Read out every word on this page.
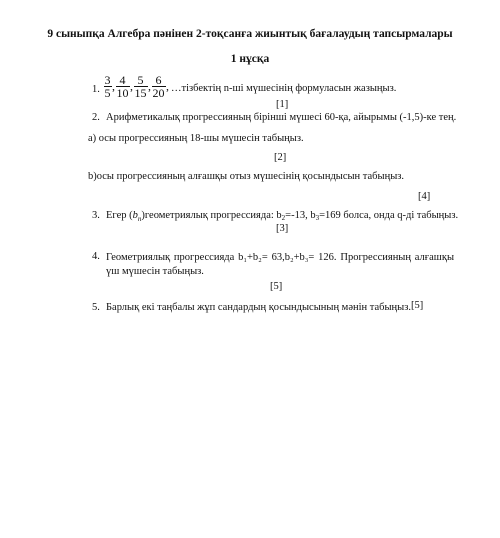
9 сыныпқа Алгебра пәнінен 2-тоқсанға жиынтық бағалаудың тапсырмалары
1 нұсқа
1. $\frac{3}{5}$ , $\frac{4}{10}$ , $\frac{5}{15}$ , $\frac{6}{20}$ , …тізбектің n-ші мүшесінің формуласын жазыңыз.
[1]
2. Арифметикалық прогрессияның бірінші мүшесі 60-қа, айырымы (-1,5)-ке тең.
а) осы прогрессияның 18-шы мүшесін табыңыз.
[2]
b)осы прогрессияның алғашқы отыз мүшесінің қосындысын табыңыз.
[4]
3. Егер $(b_n)геометриялық$ прогрессияда: b2=-13, b3=169 болса, онда q-ді табыңыз.
[3]
4. Геометриялық прогрессияда b₁+b₂= 63,b₂+b₃= 126. Прогрессияның алғашқы үш мүшесін табыңыз.
[5]
5. Барлық екі таңбалы жұп сандардың қосындысының мәнін табыңыз.[5]
